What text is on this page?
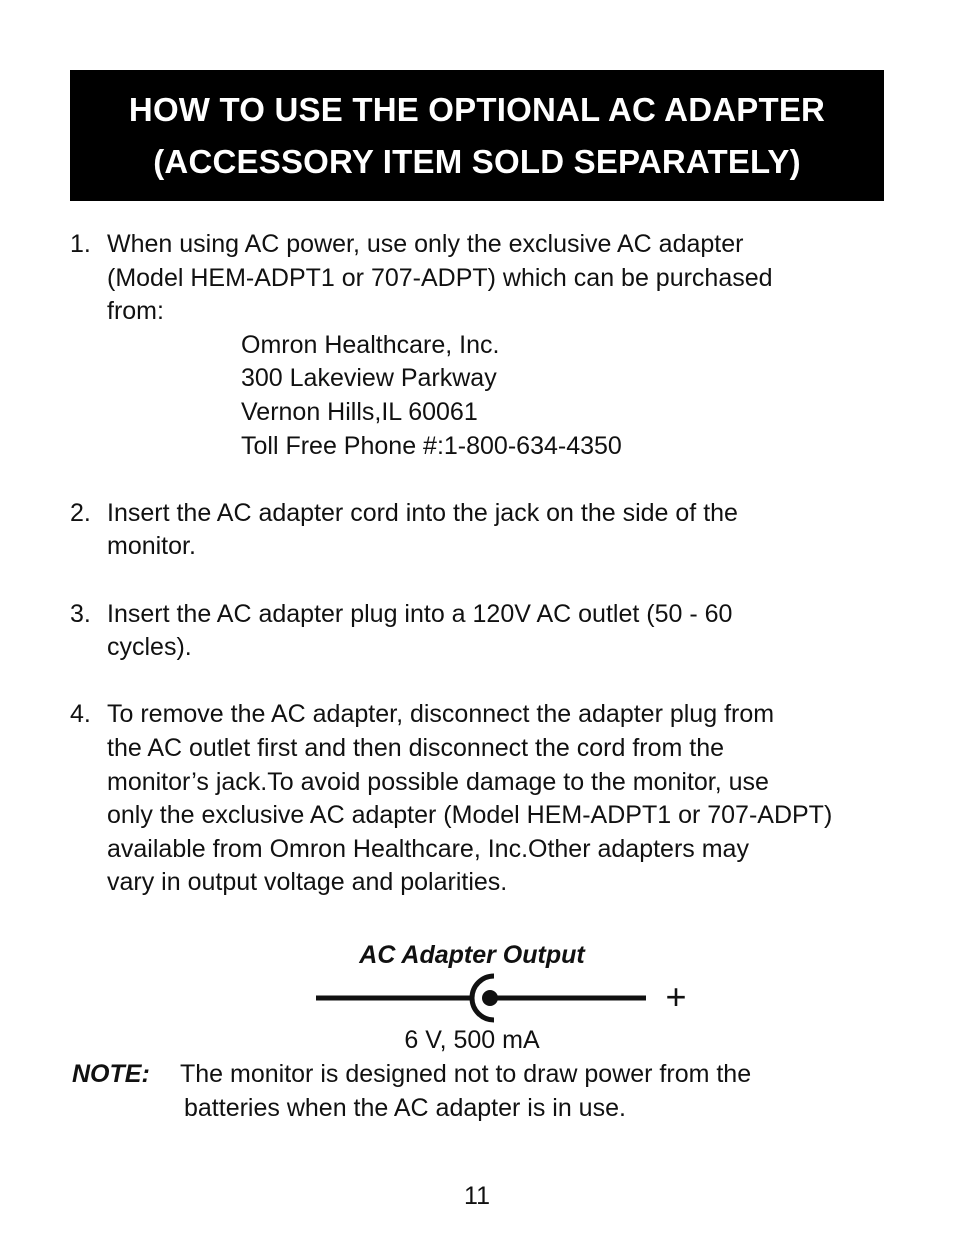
HOW TO USE THE OPTIONAL AC ADAPTER
(ACCESSORY ITEM SOLD SEPARATELY)
1. When using AC power, use only the exclusive AC adapter
(Model HEM-ADPT1 or 707-ADPT) which can be purchased
from:
Omron Healthcare, Inc.
300 Lakeview Parkway
Vernon Hills,IL 60061
Toll Free Phone #:1-800-634-4350
2. Insert the AC adapter cord into the jack on the side of the
monitor.
3. Insert the AC adapter plug into a 120V AC outlet (50 - 60
cycles).
4. To remove the AC adapter, disconnect the adapter plug from
the AC outlet first and then disconnect the cord from the
monitor’s jack.To avoid possible damage to the monitor, use
only the exclusive AC adapter (Model HEM-ADPT1 or 707-ADPT)
available from Omron Healthcare, Inc.Other adapters may
vary in output voltage and polarities.
AC Adapter Output
+
6 V, 500 mA
NOTE: The monitor is designed not to draw power from the
batteries when the AC adapter is in use.
11
